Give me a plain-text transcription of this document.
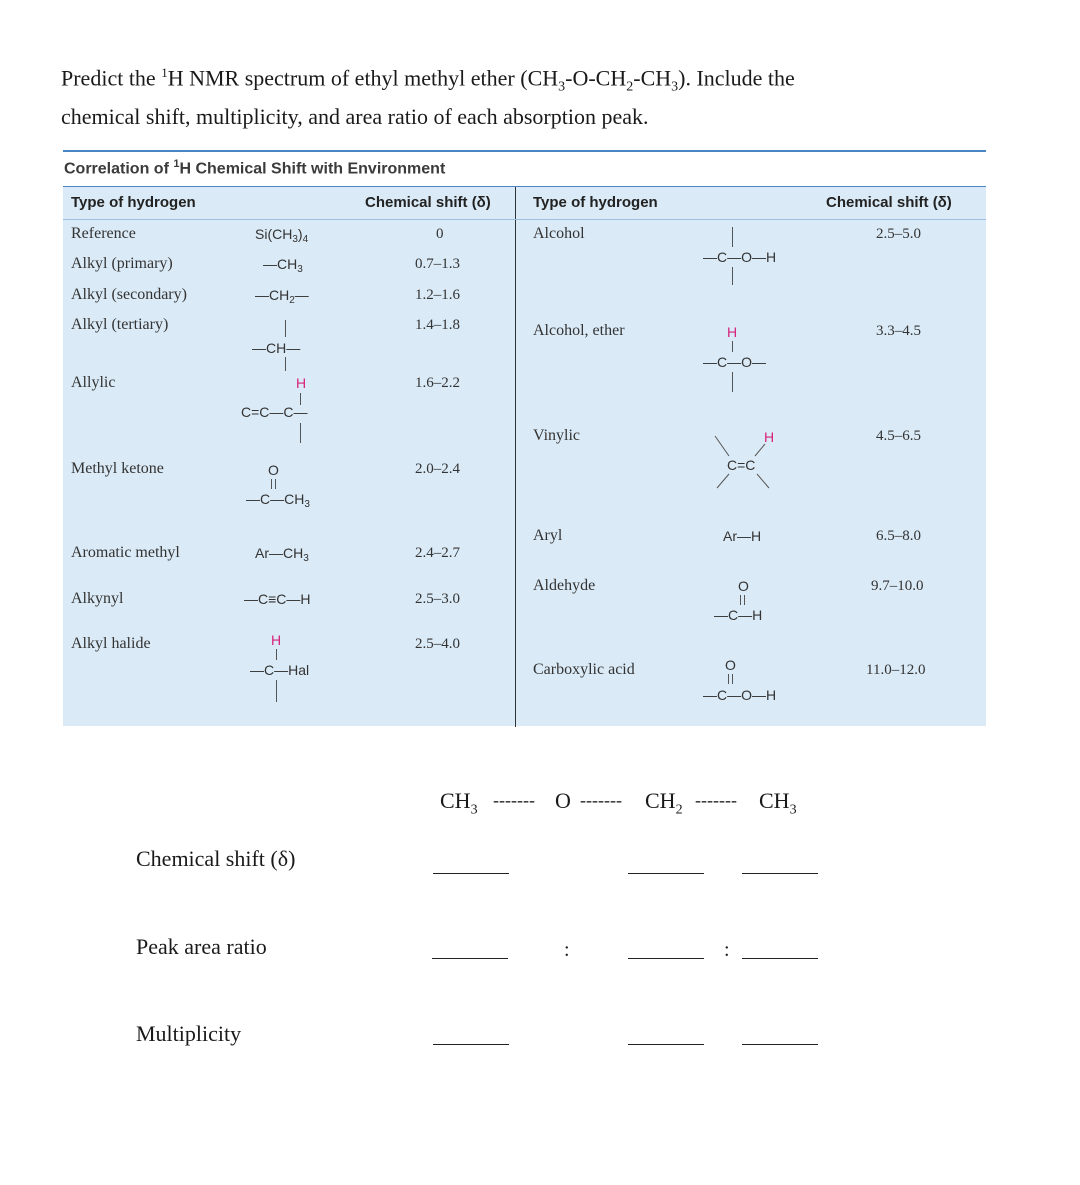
Predict the $^1$H NMR spectrum of ethyl methyl ether $(CH_3-O-CH_2-CH_3)$. Include the
chemical shift, multiplicity, and area ratio of each absorption peak.
Correlation of $^1$H Chemical Shift with Environment
Type of hydrogen	Chemical shift (δ)	Type of hydrogen	Chemical shift (δ)
Reference	0
$Si(CH_3)_4$
Alkyl (primary)	0.7–1.3
$—CH_3$
Alkyl (secondary)	1.2–1.6
$—CH_2—$
Alkyl (tertiary)	1.4–1.8
—CH—
Allylic	1.6–2.2
H
C=C—C—
Methyl ketone	2.0–2.4
O
$—C—CH_3$
Aromatic methyl	2.4–2.7
$Ar—CH_3$
Alkynyl	2.5–3.0
—C≡C—H
Alkyl halide	2.5–4.0
H
—C—Hal
Alcohol	2.5–5.0
—C—O—H
Alcohol, ether	3.3–4.5
H
—C—O—
Vinylic	4.5–6.5
H
C=C
Aryl	6.5–8.0
Ar—H
Aldehyde	9.7–10.0
O
—C—H
Carboxylic acid	11.0–12.0
O
—C—O—H
$CH_3$ ------- O ------- $CH_2$ ------- $CH_3$
Chemical shift (δ)
Peak area ratio	:	:
Multiplicity
